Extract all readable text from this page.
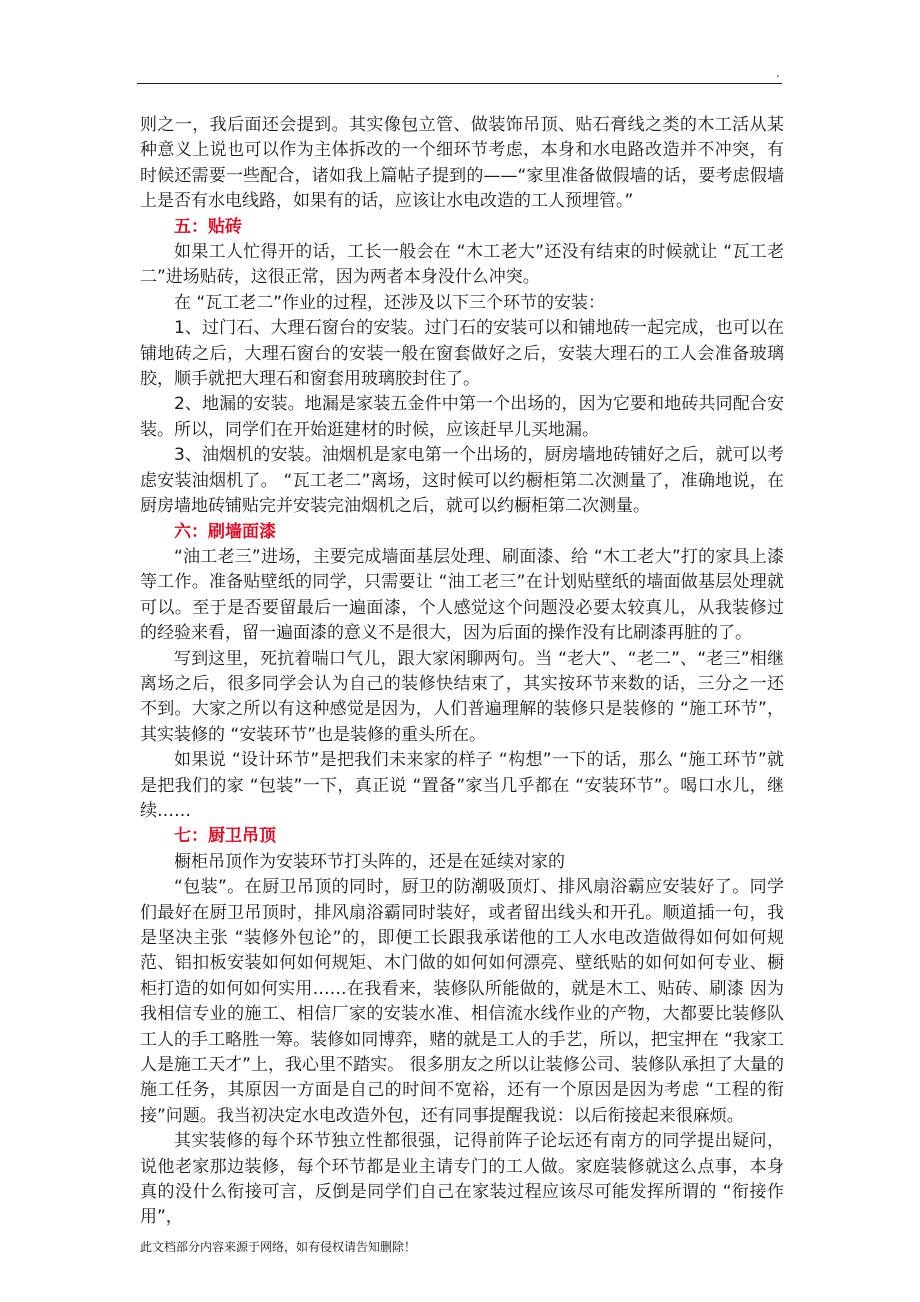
.

则之一，我后面还会提到。其实像包立管、做装饰吊顶、贴石膏线之类的木工活从某种意义上说也可以作为主体拆改的一个细环节考虑，本身和水电路改造并不冲突，有时候还需要一些配合，诸如我上篇帖子提到的——“家里准备做假墙的话，要考虑假墙上是否有水电线路，如果有的话，应该让水电改造的工人预埋管。”

五：贴砖

如果工人忙得开的话，工长一般会在 “木工老大”还没有结束的时候就让 “瓦工老二”进场贴砖，这很正常，因为两者本身没什么冲突。

在 “瓦工老二”作业的过程，还涉及以下三个环节的安装：

1、过门石、大理石窗台的安装。过门石的安装可以和铺地砖一起完成，也可以在铺地砖之后，大理石窗台的安装一般在窗套做好之后，安装大理石的工人会准备玻璃胶，顺手就把大理石和窗套用玻璃胶封住了。

2、地漏的安装。地漏是家装五金件中第一个出场的，因为它要和地砖共同配合安装。所以，同学们在开始逛建材的时候，应该赶早儿买地漏。

3、油烟机的安装。油烟机是家电第一个出场的，厨房墙地砖铺好之后，就可以考虑安装油烟机了。 “瓦工老二”离场，这时候可以约橱柜第二次测量了，准确地说，在厨房墙地砖铺贴完并安装完油烟机之后，就可以约橱柜第二次测量。

六：刷墙面漆

“油工老三”进场，主要完成墙面基层处理、刷面漆、给 “木工老大”打的家具上漆等工作。准备贴壁纸的同学，只需要让 “油工老三”在计划贴壁纸的墙面做基层处理就可以。至于是否要留最后一遍面漆，个人感觉这个问题没必要太较真儿，从我装修过的经验来看，留一遍面漆的意义不是很大，因为后面的操作没有比刷漆再脏的了。

写到这里，死抗着喘口气儿，跟大家闲聊两句。当 “老大”、“老二”、“老三”相继离场之后，很多同学会认为自己的装修快结束了，其实按环节来数的话，三分之一还不到。大家之所以有这种感觉是因为，人们普遍理解的装修只是装修的 “施工环节”，其实装修的 “安装环节”也是装修的重头所在。

如果说 “设计环节”是把我们未来家的样子 “构想”一下的话，那么 “施工环节”就是把我们的家 “包装”一下，真正说 “置备”家当几乎都在 “安装环节”。喝口水儿，继续……

七：厨卫吊顶

橱柜吊顶作为安装环节打头阵的，还是在延续对家的

“包装”。在厨卫吊顶的同时，厨卫的防潮吸顶灯、排风扇浴霸应安装好了。同学们最好在厨卫吊顶时，排风扇浴霸同时装好，或者留出线头和开孔。顺道插一句，我是坚决主张 “装修外包论”的，即便工长跟我承诺他的工人水电改造做得如何如何规范、铝扣板安装如何如何规矩、木门做的如何如何漂亮、壁纸贴的如何如何专业、橱柜打造的如何如何实用……在我看来，装修队所能做的，就是木工、贴砖、刷漆 因为我相信专业的施工、相信厂家的安装水准、相信流水线作业的产物，大都要比装修队工人的手工略胜一筹。装修如同博弈，赌的就是工人的手艺，所以，把宝押在 “我家工人是施工天才”上，我心里不踏实。 很多朋友之所以让装修公司、装修队承担了大量的施工任务，其原因一方面是自己的时间不宽裕，还有一个原因是因为考虑 “工程的衔接”问题。我当初决定水电改造外包，还有同事提醒我说：以后衔接起来很麻烦。

其实装修的每个环节独立性都很强，记得前阵子论坛还有南方的同学提出疑问，说他老家那边装修，每个环节都是业主请专门的工人做。家庭装修就这么点事，本身真的没什么衔接可言，反倒是同学们自己在家装过程应该尽可能发挥所谓的 “衔接作用”，

此文档部分内容来源于网络，如有侵权请告知删除！
